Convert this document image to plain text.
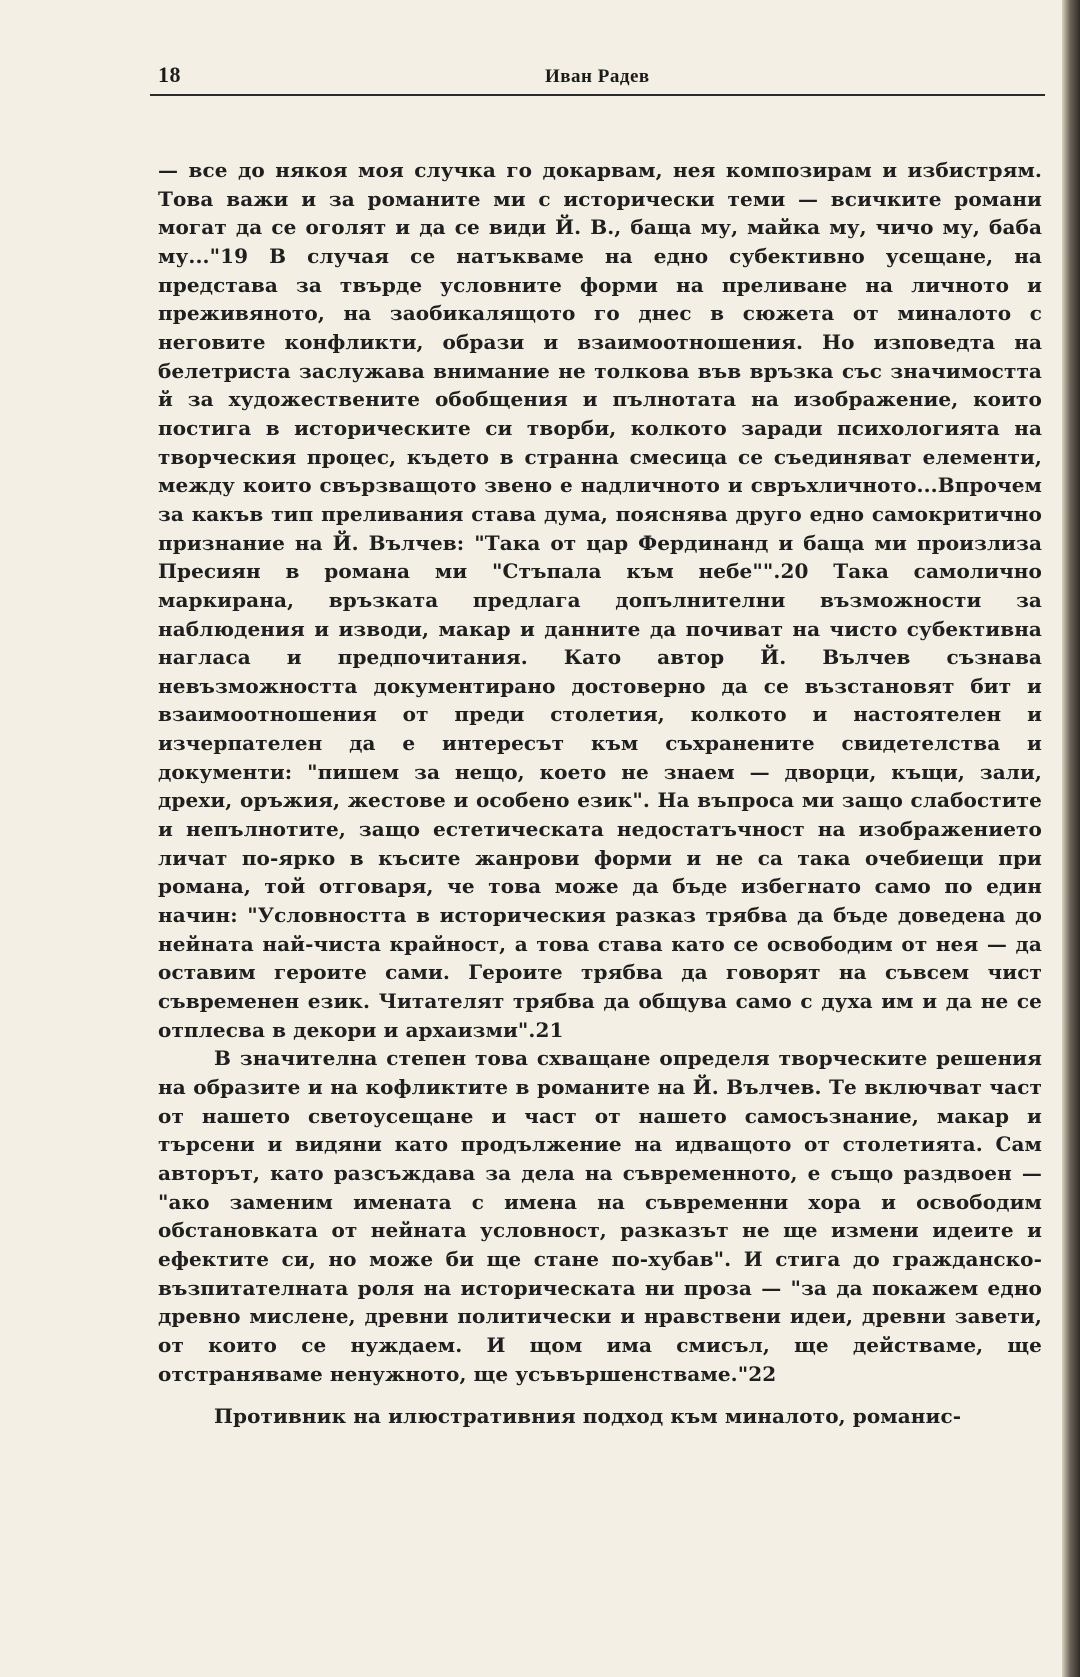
18	Иван Радев

— все до някоя моя случка го докарвам, нея композирам и избистрям. Това важи и за романите ми с исторически теми — всичките романи могат да се оголят и да се види Й. В., баща му, майка му, чичо му, баба му..."19 В случая се натъкваме на едно субективно усещане, на представа за твърде условните форми на преливане на личното и преживяното, на заобикалящото го днес в сюжета от миналото с неговите конфликти, образи и взаимоотношения. Но изповедта на белетриста заслужава внимание не толкова във връзка със значимостта й за художествените обобщения и пълнотата на изображение, които постига в историческите си творби, колкото заради психологията на творческия процес, където в странна смесица се съединяват елементи, между които свързващото звено е надличното и свръхличното...Впрочем за какъв тип преливания става дума, пояснява друго едно самокритично признание на Й. Вълчев: "Така от цар Фердинанд и баща ми произлиза Пресиян в романа ми "Стъпала към небе"".20 Така самолично маркирана, връзката предлага допълнителни възможности за наблюдения и изводи, макар и данните да почиват на чисто субективна нагласа и предпочитания. Като автор Й. Вълчев съзнава невъзможността документирано достоверно да се възстановят бит и взаимоотношения от преди столетия, колкото и настоятелен и изчерпателен да е интересът към съхранените свидетелства и документи: "пишем за нещо, което не знаем — дворци, къщи, зали, дрехи, оръжия, жестове и особено език". На въпроса ми защо слабостите и непълнотите, защо естетическата недостатъчност на изображението личат по-ярко в късите жанрови форми и не са така очебиещи при романа, той отговаря, че това може да бъде избегнато само по един начин: "Условността в историческия разказ трябва да бъде доведена до нейната най-чиста крайност, а това става като се освободим от нея — да оставим героите сами. Героите трябва да говорят на съвсем чист съвременен език. Читателят трябва да общува само с духа им и да не се отплесва в декори и архаизми".21

В значителна степен това схващане определя творческите решения на образите и на кофликтите в романите на Й. Вълчев. Те включват част от нашето светоусещане и част от нашето самосъзнание, макар и търсени и видяни като продължение на идващото от столетията. Сам авторът, като разсъждава за дела на съвременното, е също раздвоен — "ако заменим имената с имена на съвременни хора и освободим обстановката от нейната условност, разказът не ще измени идеите и ефектите си, но може би ще стане по-хубав". И стига до гражданско-възпитателната роля на историческата ни проза — "за да покажем едно древно мислене, древни политически и нравствени идеи, древни завети, от които се нуждаем. И щом има смисъл, ще действаме, ще отстраняваме ненужното, ще усъвършенстваме."22

Противник на илюстративния подход към миналото, романис-
